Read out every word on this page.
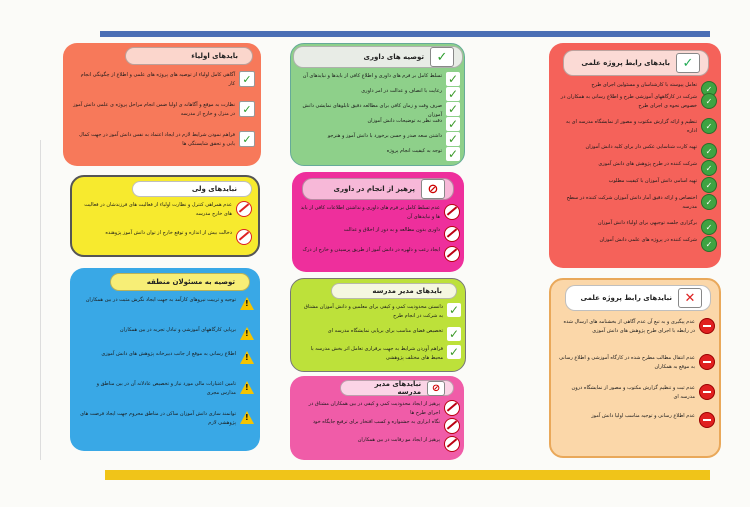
بایدهای اولیاء
✓
آگاهی کامل اولیاء از توصیه های پروژه های علمی و اطلاع از چگونگی انجام کار
✓
نظارت به موقع و آگاهانه ی اولیا ضمن انجام مراحل پروژه ی علمی دانش آموز در منزل و خارج از مدرسه
✓
فراهم نمودن شرایط لازم در ایجاد اعتماد به نفس دانش آموز در جهت کمال یابی و تحقق شایستگی ها
توصیه های داوری ✓
✓
تسلط کامل بر فرم های داوری و اطلاع کافی از بایدها و نبایدهای آن
✓
رعایت با انصاف و عدالت در امر داوری
✓
صرف وقت و زمان کافی برای مطالعه دقیق تابلوهای نمایشی دانش آموزان
✓
دقت نظر به توضیحات دانش آموزان
✓
داشتن سعه صدر و حسن برخورد با دانش آموز و هنرجو
✓
توجه به کیفیت انجام پروژه
بایدهای رابط پروژه علمی ✓
✓
تعامل پیوسته با کارشناسان و مسئولین اجرای طرح
✓
شرکت در کارگاههای آموزشی طرح و اطلاع رسانی به همکاران در خصوص نحوه ی اجرای طرح
✓
تنظیم و ارائه گزارش مکتوب و مصور از نمایشگاه مدرسه ای به اداره
✓
تهیه کارت شناسایی عکس دار برای کلیه دانش آموزان
✓
شرکت کننده در طرح پژوهش های دانش آموزی
✓
تهیه اسامی دانش آموزان با کیفیت مطلوب
✓
اختصاص و ارائه دقیق آمار دانش آموزان شرکت کننده در سطح مدرسه
✓
برگزاری جلسه توجیهی برای اولیاء دانش آموزان
✓
شرکت کننده در پروژه های علمی دانش آموزان
نبایدهای ولی
عدم همراهی کنترل و نظارت اولیاء از فعالیت های فرزندشان در فعالیت های خارج مدرسه
دخالت بیش از اندازه و توقع خارج از توان دانش آموز پژوهنده
پرهیز از انجام در داوری ⊘
عدم تسلط کامل بر فرم های داوری و نداشتن اطلاعات کافی از باید ها و نبایدهای آن
داوری بدون مطالعه و به دور از اخلاق و عدالت
ایجاد رعب و دلهره در دانش آموز از طریق پرسیدن و خارج از درک
توصیه به مسئولان منطقه
!
توجیه و تربیت نیروهای کارآمد به جهت ایجاد نگرش مثبت در بین همکاران
!
برپایی کارگاههای آموزشی و تبادل تجربه در بین همکاران
!
اطلاع رسانی به موقع از جانب دبیرخانه پژوهش های دانش آموزی
!
تامین اعتبارات مالی مورد نیاز و تخصیص عادلانه آن در بین مناطق و مدارس مجری
!
توانمند سازی دانش آموزان ساکن در مناطق محروم جهت ایجاد فرصت های پژوهشی لازم
بایدهای مدیر مدرسه
✓
دانستن محدودیت کمی و کیفی برای معلمین و دانش آموزان مشتاق به شرکت در انجام طرح
✓
تخصیص فضای مناسب برای برپایی نمایشگاه مدرسه ای
✓
فراهم آوردن شرایط به جهت برقراری تعامل اثر بخش مدرسه با محیط های مختلف پژوهشی
نبایدهای مدیر مدرسه	⊘
پرهیز از ایجاد محدودیت کمی و کیفی در بین همکاران مشتاق در اجرای طرح ها
نگاه ابزاری به جشنواره و کسب افتخار برای ترفیع جایگاه خود
پرهیز از ایجاد مو رقابت در بین همکاران
نبایدهای رابط پروژه علمی ✕
عدم پیگیری و به تبع آن عدم آگاهی از بخشنامه های ارسال شده در رابطه با اجرای طرح پژوهش های دانش آموزی
عدم انتقال مطالب مطرح شده در کارگاه آموزشی و اطلاع رسانی به موقع به همکاران
عدم ثبت و تنظیم گزارش مکتوب و مصور از نمایشگاه درون مدرسه ای
عدم اطلاع رسانی و توجیه مناسب اولیا دانش آموز
